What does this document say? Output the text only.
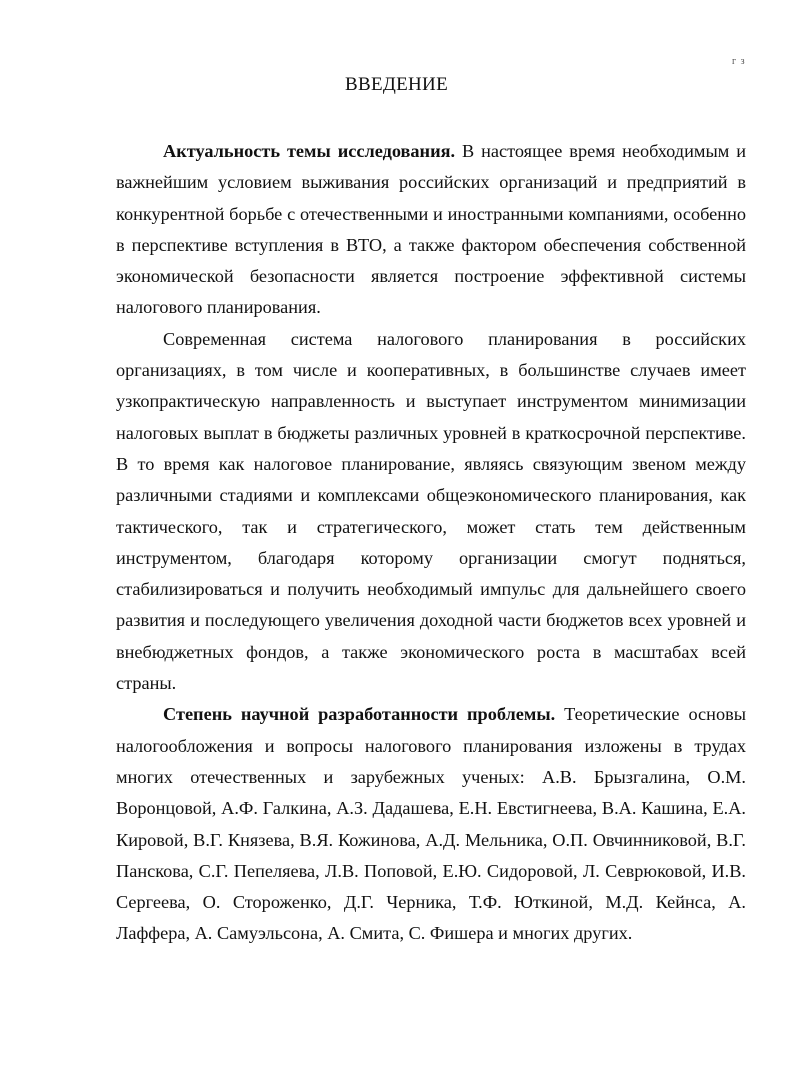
г з
ВВЕДЕНИЕ

Актуальность темы исследования. В настоящее время необходимым и важнейшим условием выживания российских организаций и предприятий в конкурентной борьбе с отечественными и иностранными компаниями, особенно в перспективе вступления в ВТО, а также фактором обеспечения собственной экономической безопасности является построение эффективной системы налогового планирования.

Современная система налогового планирования в российских организациях, в том числе и кооперативных, в большинстве случаев имеет узкопрактическую направленность и выступает инструментом минимизации налоговых выплат в бюджеты различных уровней в краткосрочной перспективе. В то время как налоговое планирование, являясь связующим звеном между различными стадиями и комплексами общеэкономического планирования, как тактического, так и стратегического, может стать тем действенным инструментом, благодаря которому организации смогут подняться, стабилизироваться и получить необходимый импульс для дальнейшего своего развития и последующего увеличения доходной части бюджетов всех уровней и внебюджетных фондов, а также экономического роста в масштабах всей страны.

Степень научной разработанности проблемы. Теоретические основы налогообложения и вопросы налогового планирования изложены в трудах многих отечественных и зарубежных ученых: А.В. Брызгалина, О.М. Воронцовой, А.Ф. Галкина, А.З. Дадашева, Е.Н. Евстигнеева, В.А. Кашина, Е.А. Кировой, В.Г. Князева, В.Я. Кожинова, А.Д. Мельника, О.П. Овчинниковой, В.Г. Панскова, С.Г. Пепеляева, Л.В. Поповой, Е.Ю. Сидоровой, Л. Севрюковой, И.В. Сергеева, О. Стороженко, Д.Г. Черника, Т.Ф. Юткиной, М.Д. Кейнса, А. Лаффера, А. Самуэльсона, А. Смита, С. Фишера и многих других.
